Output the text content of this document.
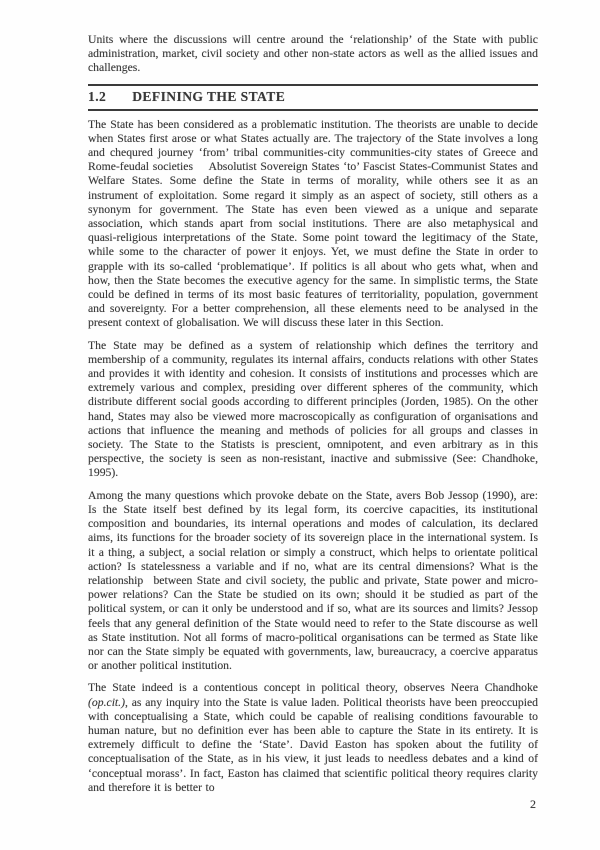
Units where the discussions will centre around the ‘relationship’ of the State with public administration, market, civil society and other non-state actors as well as the allied issues and challenges.

1.2 DEFINING THE STATE

The State has been considered as a problematic institution. The theorists are unable to decide when States first arose or what States actually are. The trajectory of the State involves a long and chequred journey ‘from’ tribal communities-city communities-city states of Greece and Rome-feudal societies  Absolutist Sovereign States ‘to’ Fascist States-Communist States and Welfare States. Some define the State in terms of morality, while others see it as an instrument of exploitation. Some regard it simply as an aspect of society, still others as a synonym for government. The State has even been viewed as a unique and separate association, which stands apart from social institutions. There are also metaphysical and quasi-religious interpretations of the State. Some point toward the legitimacy of the State, while some to the character of power it enjoys. Yet, we must define the State in order to grapple with its so-called ‘problematique’. If politics is all about who gets what, when and how, then the State becomes the executive agency for the same. In simplistic terms, the State could be defined in terms of its most basic features of territoriality, population, government and sovereignty. For a better comprehension, all these elements need to be analysed in the present context of globalisation. We will discuss these later in this Section.

The State may be defined as a system of relationship which defines the territory and membership of a community, regulates its internal affairs, conducts relations with other States and provides it with identity and cohesion. It consists of institutions and processes which are extremely various and complex, presiding over different spheres of the community, which distribute different social goods according to different principles (Jorden, 1985). On the other hand, States may also be viewed more macroscopically as configuration of organisations and actions that influence the meaning and methods of policies for all groups and classes in society. The State to the Statists is prescient, omnipotent, and even arbitrary as in this perspective, the society is seen as non-resistant, inactive and submissive (See: Chandhoke, 1995).

Among the many questions which provoke debate on the State, avers Bob Jessop (1990), are: Is the State itself best defined by its legal form, its coercive capacities, its institutional composition and boundaries, its internal operations and modes of calculation, its declared aims, its functions for the broader society of its sovereign place in the international system. Is it a thing, a subject, a social relation or simply a construct, which helps to orientate political action? Is statelessness a variable and if no, what are its central dimensions? What is the relationship  between State and civil society, the public and private, State power and micro-power relations? Can the State be studied on its own; should it be studied as part of the political system, or can it only be understood and if so, what are its sources and limits? Jessop feels that any general definition of the State would need to refer to the State discourse as well as State institution. Not all forms of macro-political organisations can be termed as State like nor can the State simply be equated with governments, law, bureaucracy, a coercive apparatus or another political institution.

The State indeed is a contentious concept in political theory, observes Neera Chandhoke (op.cit.), as any inquiry into the State is value laden. Political theorists have been preoccupied with conceptualising a State, which could be capable of realising conditions favourable to human nature, but no definition ever has been able to capture the State in its entirety. It is extremely difficult to define the ‘State’. David Easton has spoken about the futility of conceptualisation of the State, as in his view, it just leads to needless debates and a kind of ‘conceptual morass’. In fact, Easton has claimed that scientific political theory requires clarity and therefore it is better to

2
